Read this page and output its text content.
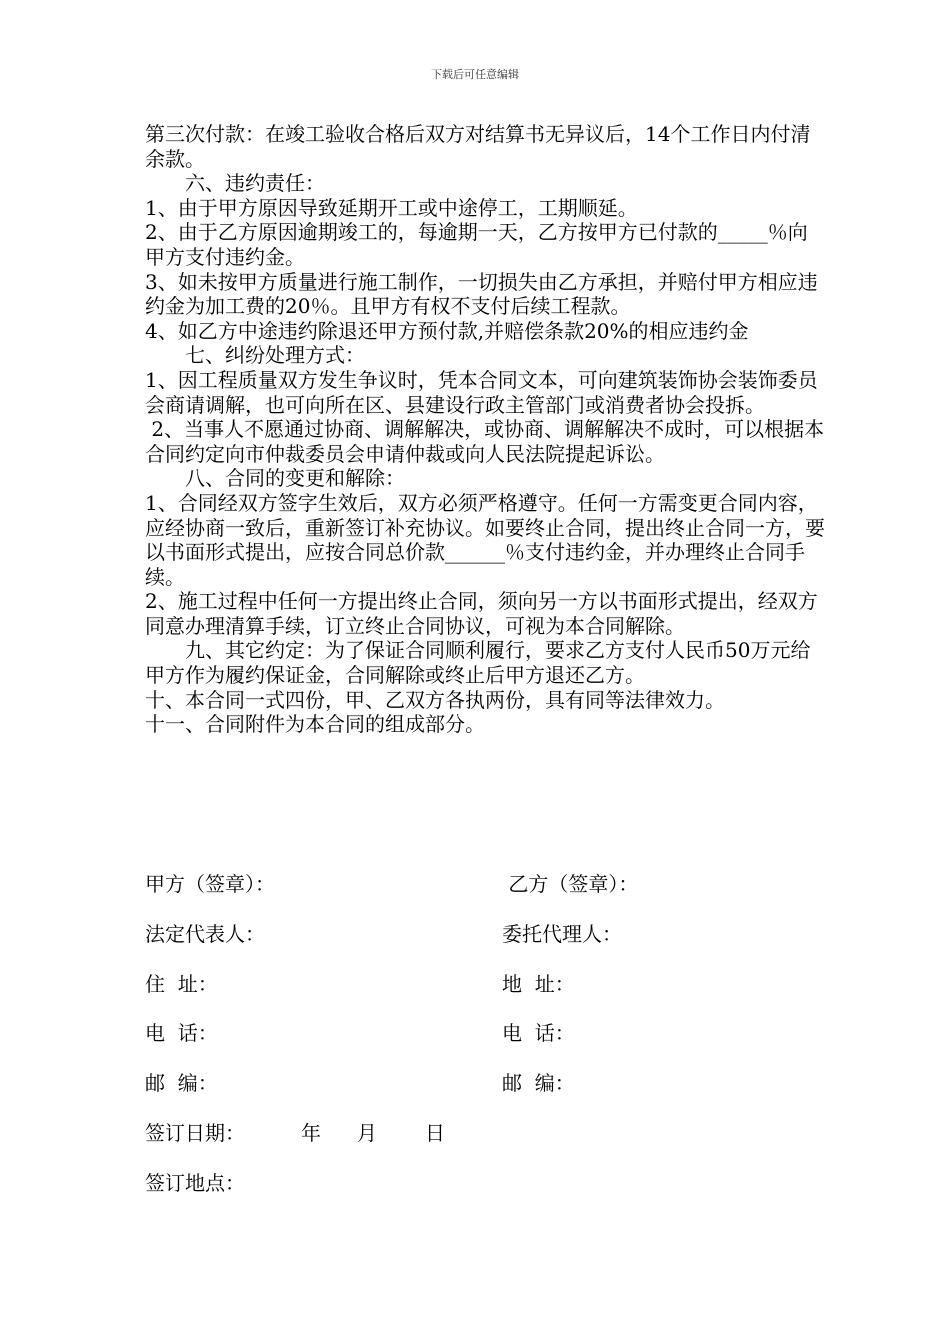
下载后可任意编辑

第三次付款：在竣工验收合格后双方对结算书无异议后，14个工作日内付清余款。

　　六、违约责任：

1、由于甲方原因导致延期开工或中途停工，工期顺延。

2、由于乙方原因逾期竣工的，每逾期一天，乙方按甲方已付款的_____％向甲方支付违约金。

3、如未按甲方质量进行施工制作，一切损失由乙方承担，并赔付甲方相应违约金为加工费的20％。且甲方有权不支付后续工程款。

4、如乙方中途违约除退还甲方预付款,并赔偿条款20%的相应违约金

　　七、纠纷处理方式：

1、因工程质量双方发生争议时，凭本合同文本，可向建筑装饰协会装饰委员会商请调解，也可向所在区、县建设行政主管部门或消费者协会投拆。

2、当事人不愿通过协商、调解解决，或协商、调解解决不成时，可以根据本合同约定向市仲裁委员会申请仲裁或向人民法院提起诉讼。

　　八、合同的变更和解除：

1、合同经双方签字生效后，双方必须严格遵守。任何一方需变更合同内容，应经协商一致后，重新签订补充协议。如要终止合同，提出终止合同一方，要以书面形式提出，应按合同总价款______％支付违约金，并办理终止合同手续。

2、施工过程中任何一方提出终止合同，须向另一方以书面形式提出，经双方同意办理清算手续，订立终止合同协议，可视为本合同解除。

　　九、其它约定：为了保证合同顺利履行，要求乙方支付人民币50万元给甲方作为履约保证金，合同解除或终止后甲方退还乙方。

十、本合同一式四份，甲、乙双方各执两份，具有同等法律效力。

十一、合同附件为本合同的组成部分。

甲方（签章）：	乙方（签章）：
法定代表人：	委托代理人：
住  址：	地  址：
电  话：	电  话：
邮  编：	邮  编：
签订日期：	年 月 日
签订地点：
